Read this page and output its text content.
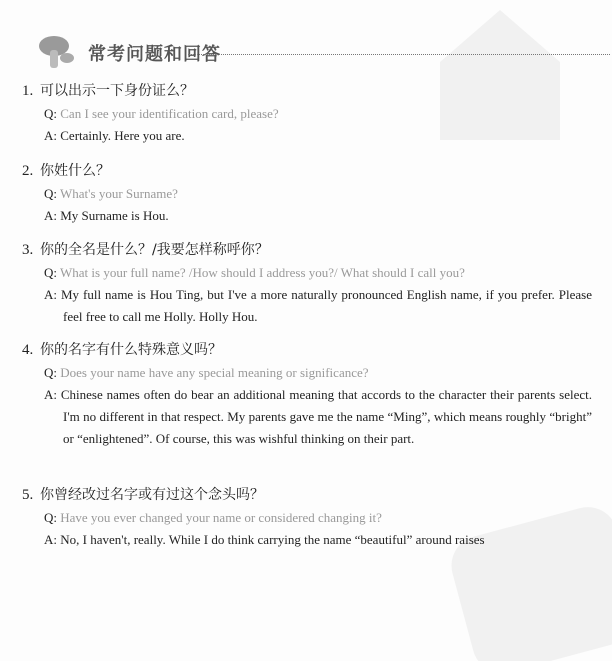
常考问题和回答
1. 可以出示一下身份证么？
Q: Can I see your identification card, please?
A: Certainly. Here you are.
2. 你姓什么？
Q: What's your Surname?
A: My Surname is Hou.
3. 你的全名是什么？/我要怎样称呼你？
Q: What is your full name? /How should I address you?/ What should I call you?
A: My full name is Hou Ting, but I've a more naturally pronounced English name, if you prefer. Please feel free to call me Holly. Holly Hou.
4. 你的名字有什么特殊意义吗？
Q: Does your name have any special meaning or significance?
A: Chinese names often do bear an additional meaning that accords to the character their parents select. I'm no different in that respect. My parents gave me the name “Ming”, which means roughly “bright” or “enlightened”. Of course, this was wishful thinking on their part.
5. 你曾经改过名字或有过这个念头吗？
Q: Have you ever changed your name or considered changing it?
A: No, I haven't, really. While I do think carrying the name “beautiful” around raises
